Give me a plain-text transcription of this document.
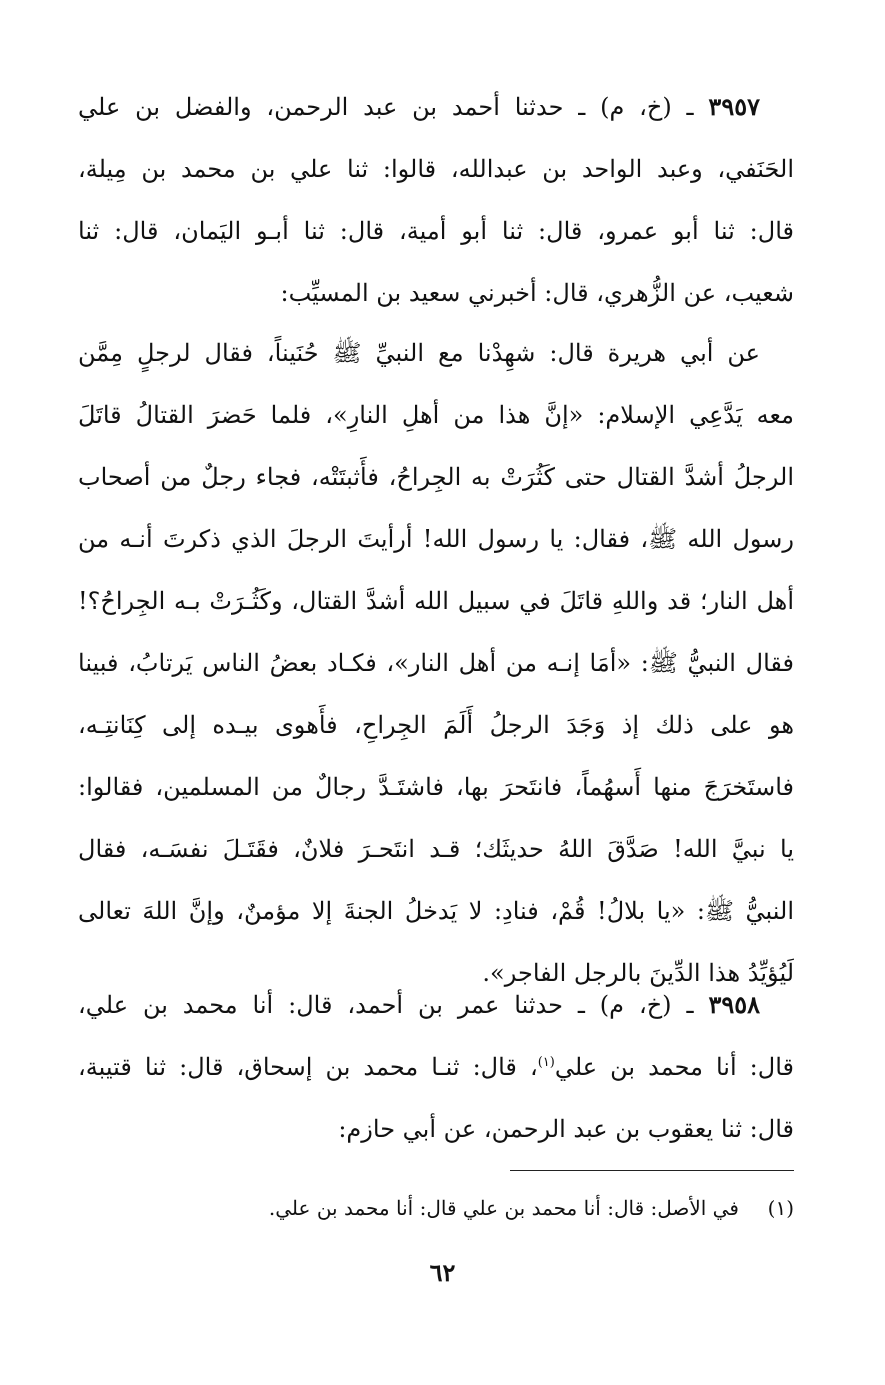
٣٩٥٧ ـ (خ، م) ـ حدثنا أحمد بن عبد الرحمن، والفضل بن علي
الحَنَفي، وعبد الواحد بن عبدالله، قالوا: ثنا علي بن محمد بن مِيلة،
قال: ثنا أبو عمرو، قال: ثنا أبو أمية، قال: ثنا أبـو اليَمان، قال: ثنا
شعيب، عن الزُّهري، قال: أخبرني سعيد بن المسيِّب:
عن أبي هريرة قال: شهِدْنا مع النبيِّ ﷺ حُنَيناً، فقال لرجلٍ مِمَّن
معه يَدَّعِي الإسلام: «إنَّ هذا من أهلِ النارِ»، فلما حَضرَ القتالُ قاتَلَ
الرجلُ أشدَّ القتال حتى كَثُرَتْ به الجِراحُ، فأَثبتَتْه، فجاء رجلٌ من أصحاب
رسول الله ﷺ، فقال: يا رسول الله! أرأيتَ الرجلَ الذي ذكرتَ أنـه من
أهل النار؛ قد واللهِ قاتَلَ في سبيل الله أشدَّ القتال، وكَثُـرَتْ بـه الجِراحُ؟!
فقال النبيُّ ﷺ: «أمَا إنـه من أهل النار»، فكـاد بعضُ الناس يَرتابُ، فبينا
هو على ذلك إذ وَجَدَ الرجلُ أَلَمَ الجِراحِ، فأَهوى بيـده إلى كِنَانتِـه،
فاستَخرَجَ منها أَسهُماً، فانتَحرَ بها، فاشتَـدَّ رجالٌ من المسلمين، فقالوا:
يا نبيَّ الله! صَدَّقَ اللهُ حديثَك؛ قـد انتَحـرَ فلانٌ، فقَتَـلَ نفسَـه، فقال
النبيُّ ﷺ: «يا بلالُ! قُمْ، فنادِ: لا يَدخلُ الجنةَ إلا مؤمنٌ، وإنَّ اللهَ تعالى
لَيُؤيِّدُ هذا الدِّينَ بالرجل الفاجر».
٣٩٥٨ ـ (خ، م) ـ حدثنا عمر بن أحمد، قال: أنا محمد بن علي،
قال: أنا محمد بن علي$^{(١)}$، قال: ثنـا محمد بن إسحاق، قال: ثنا قتيبة،
قال: ثنا يعقوب بن عبد الرحمن، عن أبي حازم:
(١)  في الأصل: قال: أنا محمد بن علي قال: أنا محمد بن علي.
٦٢
